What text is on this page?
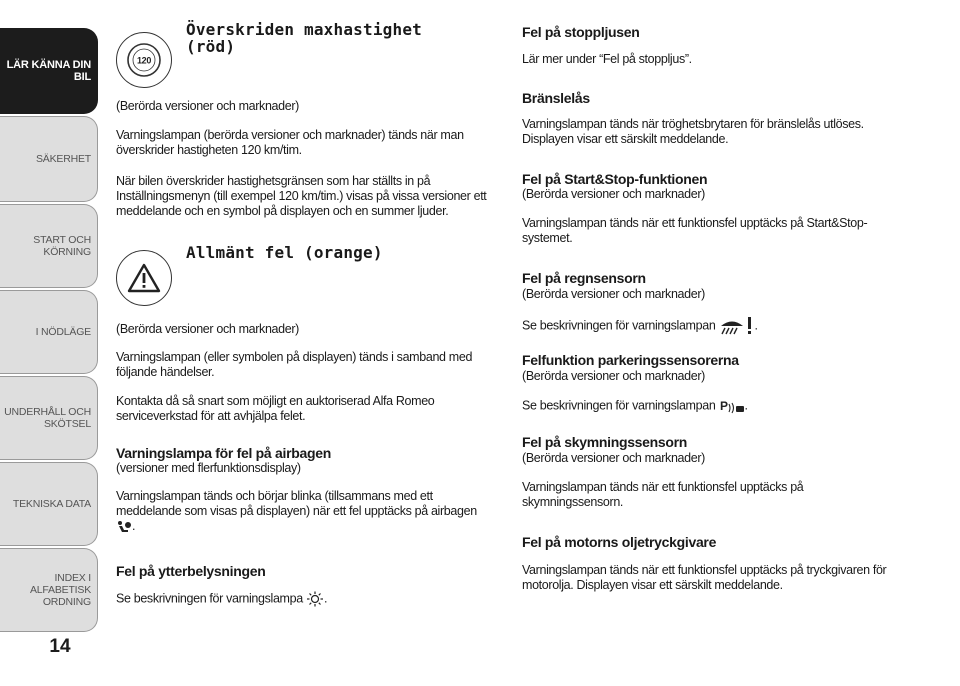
LÄR KÄNNA DIN
BIL
SÄKERHET
START OCH
KÖRNING
I NÖDLÄGE
UNDERHÅLL OCH
SKÖTSEL
TEKNISKA DATA
INDEX I ALFABETISK
ORDNING
14
120
Överskriden maxhastighet (röd)

(Berörda versioner och marknader)

Varningslampan (berörda versioner och marknader) tänds när man överskrider hastigheten 120 km/tim.

När bilen överskrider hastighetsgränsen som har ställts in på Inställningsmenyn (till exempel 120 km/tim.) visas på vissa versioner ett meddelande och en symbol på displayen och en summer ljuder.

Allmänt fel (orange)

(Berörda versioner och marknader)

Varningslampan (eller symbolen på displayen) tänds i samband med följande händelser.

Kontakta då så snart som möjligt en auktoriserad Alfa Romeo serviceverkstad för att avhjälpa felet.

Varningslampa för fel på airbagen

(versioner med flerfunktionsdisplay)

Varningslampan tänds och börjar blinka (tillsammans med ett meddelande som visas på displayen) när ett fel upptäcks på airbagen
.

Fel på ytterbelysningen

Se beskrivningen för varningslampa .

Fel på stoppljusen

Lär mer under “Fel på stoppljus”.

Bränslelås

Varningslampan tänds när tröghetsbrytaren för bränslelås utlöses. Displayen visar ett särskilt meddelande.

Fel på Start&Stop-funktionen

(Berörda versioner och marknader)

Varningslampan tänds när ett funktionsfel upptäcks på Start&Stop-systemet.

Fel på regnsensorn

(Berörda versioner och marknader)

Se beskrivningen för varningslampan	.

Felfunktion parkeringssensorerna

(Berörda versioner och marknader)

Se beskrivningen för varningslampan P .

Fel på skymningssensorn

(Berörda versioner och marknader)

Varningslampan tänds när ett funktionsfel upptäcks på skymningssensorn.

Fel på motorns oljetryckgivare

Varningslampan tänds när ett funktionsfel upptäcks på tryckgivaren för motorolja. Displayen visar ett särskilt meddelande.
